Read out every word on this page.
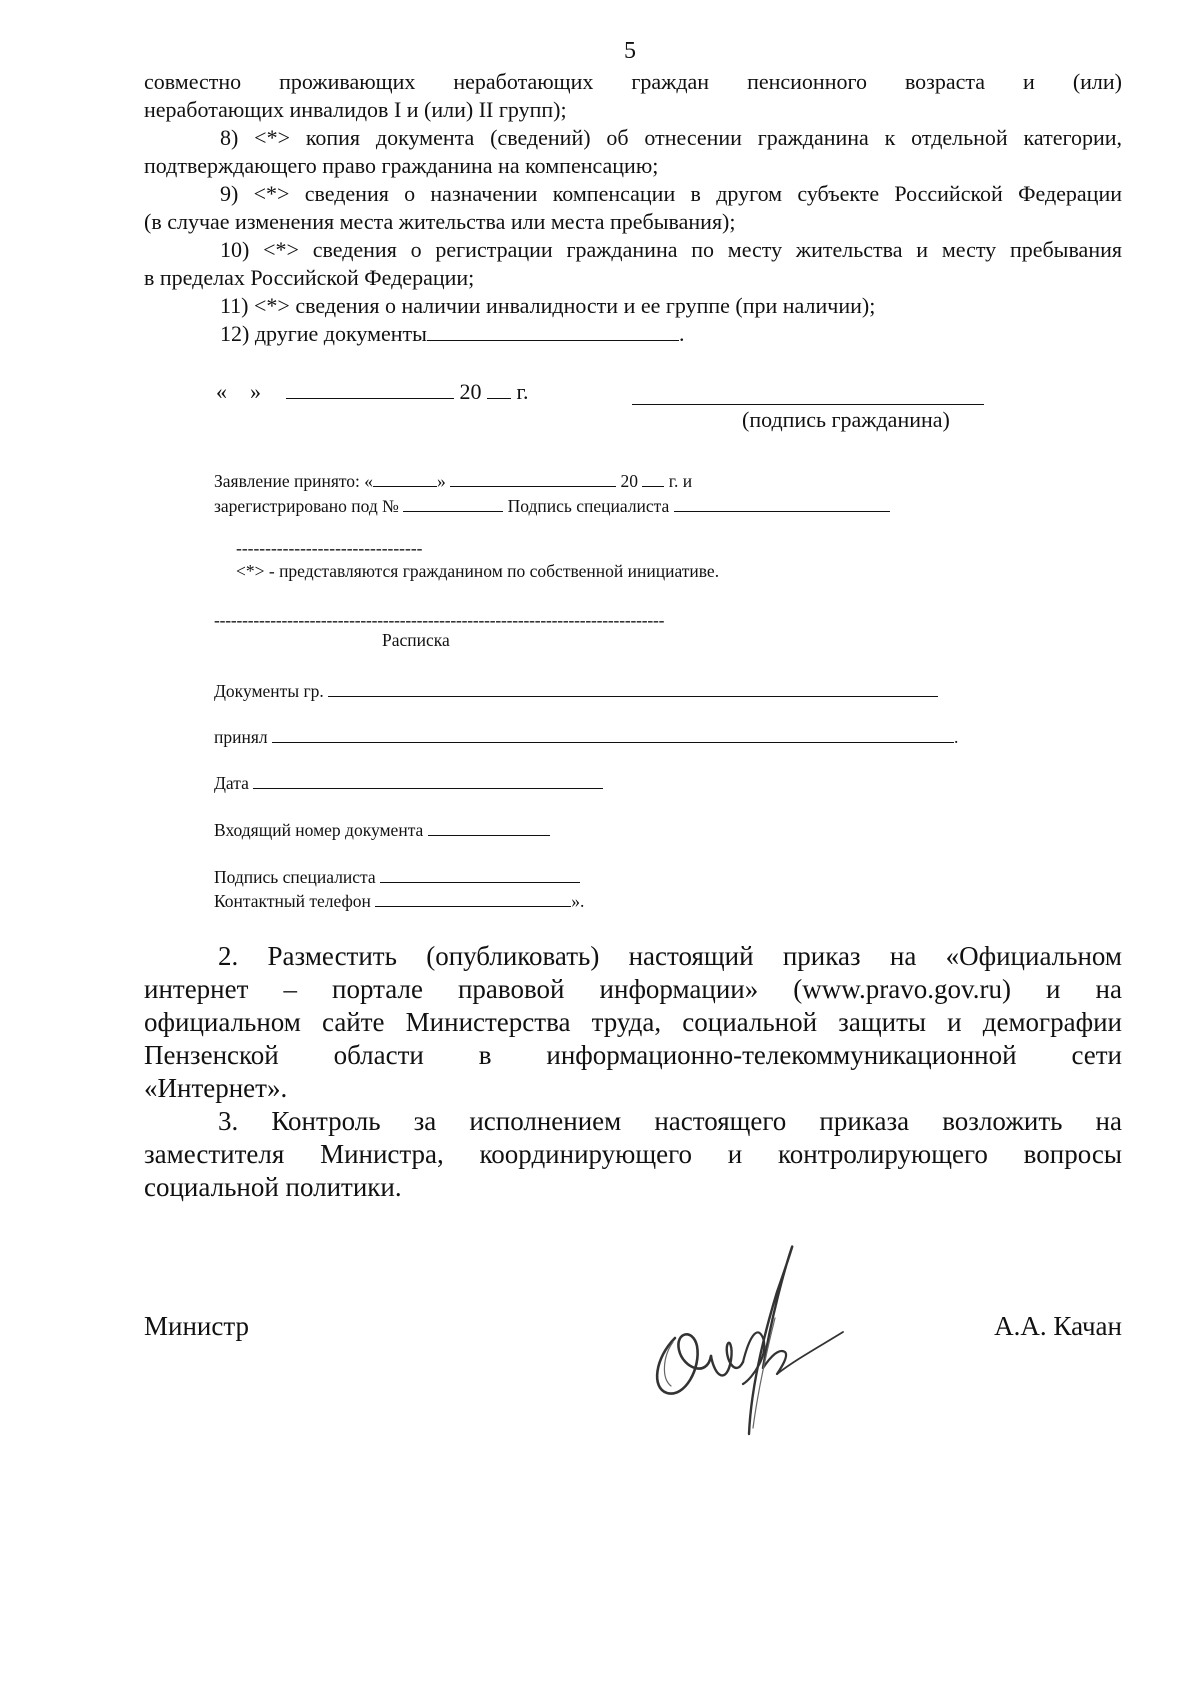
5

совместно проживающих неработающих граждан пенсионного возраста и (или)

неработающих инвалидов I и (или) II групп);

8) <*> копия документа (сведений) об отнесении гражданина к отдельной категории,

подтверждающего право гражданина на компенсацию;

9) <*> сведения о назначении компенсации в другом субъекте Российской Федерации

(в случае изменения места жительства или места пребывания);

10) <*> сведения о регистрации гражданина по месту жительства и месту пребывания

в пределах Российской Федерации;

11) <*> сведения о наличии инвалидности и ее группе (при наличии);

12) другие документы	.
« »	20 г.
(подпись гражданина)
Заявление принято: «	»	20 г. и
зарегистрировано под №	Подпись специалиста
--------------------------------
<*> - представляются гражданином по собственной инициативе.
--------------------------------------------------------------------------------
Расписка
Документы гр.
принял	.
Дата
Входящий номер документа
Подпись специалиста
Контактный телефон	».

2. Разместить (опубликовать) настоящий приказ на «Официальном

интернет – портале правовой информации» (www.pravo.gov.ru) и на

официальном сайте Министерства труда, социальной защиты и демографии

Пензенской области в информационно-телекоммуникационной сети

«Интернет».

3. Контроль за исполнением настоящего приказа возложить на

заместителя Министра, координирующего и контролирующего вопросы

социальной политики.

Министр	А.А. Качан
